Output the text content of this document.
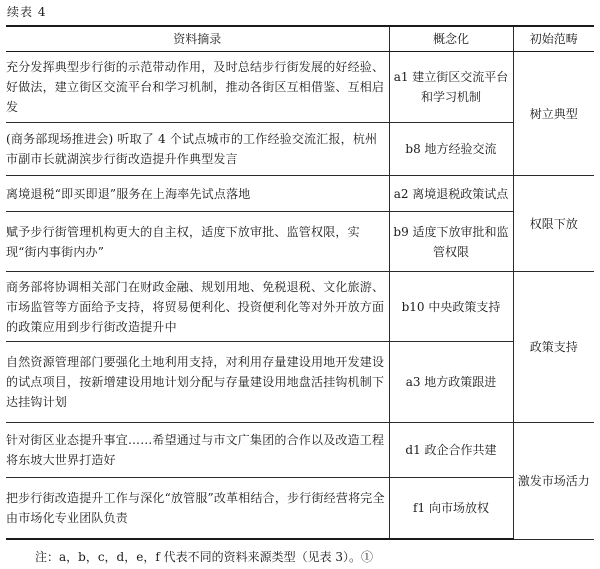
续表 4
资料摘录	概念化	初始范畴
充分发挥典型步行街的示范带动作用，及时总结步行街发展的好经验、好做法，建立街区交流平台和学习机制，推动各街区互相借鉴、互相启发	a1 建立街区交流平台和学习机制	树立典型
(商务部现场推进会) 听取了 4 个试点城市的工作经验交流汇报，杭州市副市长就湖滨步行街改造提升作典型发言	b8 地方经验交流	
离境退税“即买即退”服务在上海率先试点落地	a2 离境退税政策试点	权限下放
赋予步行街管理机构更大的自主权，适度下放审批、监管权限，实现“街内事街内办”	b9 适度下放审批和监管权限	
商务部将协调相关部门在财政金融、规划用地、免税退税、文化旅游、市场监管等方面给予支持，将贸易便利化、投资便利化等对外开放方面的政策应用到步行街改造提升中	b10 中央政策支持	政策支持
自然资源管理部门要强化土地利用支持，对利用存量建设用地开发建设的试点项目，按新增建设用地计划分配与存量建设用地盘活挂钩机制下达挂钩计划	a3 地方政策跟进	
针对街区业态提升事宜……希望通过与市文广集团的合作以及改造工程将东坡大世界打造好	d1 政企合作共建	激发市场活力
把步行街改造提升工作与深化“放管服”改革相结合，步行街经营将完全由市场化专业团队负责	f1 向市场放权	
注：a，b，c，d，e，f 代表不同的资料来源类型（见表 3）。①
